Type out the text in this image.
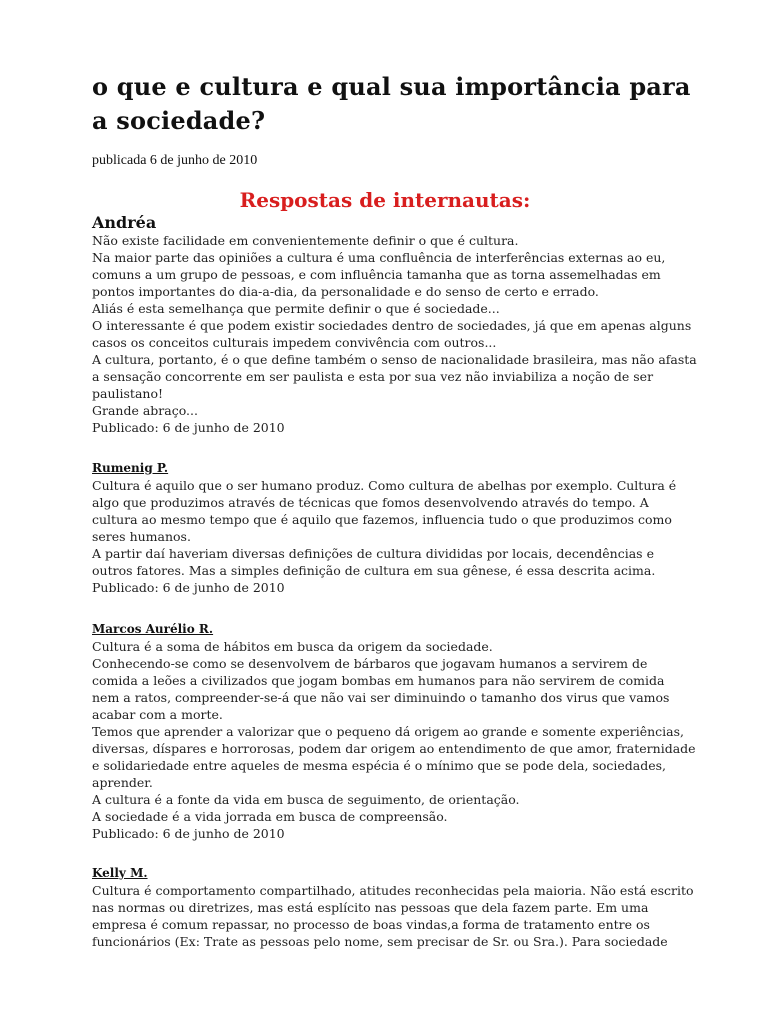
o que e cultura e qual sua importância para a sociedade?
publicada 6 de junho de 2010
Respostas de internautas:
Andréa
Não existe facilidade em convenientemente definir o que é cultura.
Na maior parte das opiniões a cultura é uma confluência de interferências externas ao eu,
comuns a um grupo de pessoas, e com influência tamanha que as torna assemelhadas em
pontos importantes do dia-a-dia, da personalidade e do senso de certo e errado.
Aliás é esta semelhança que permite definir o que é sociedade...
O interessante é que podem existir sociedades dentro de sociedades, já que em apenas alguns
casos os conceitos culturais impedem convivência com outros...
A cultura, portanto, é o que define também o senso de nacionalidade brasileira, mas não afasta
a sensação concorrente em ser paulista e esta por sua vez não inviabiliza a noção de ser
paulistano!
Grande abraço...
Publicado: 6 de junho de 2010
Rumenig P.
Cultura é aquilo que o ser humano produz. Como cultura de abelhas por exemplo. Cultura é
algo que produzimos através de técnicas que fomos desenvolvendo através do tempo. A
cultura ao mesmo tempo que é aquilo que fazemos, influencia tudo o que produzimos como
seres humanos.
A partir daí haveriam diversas definições de cultura divididas por locais, decendências e
outros fatores. Mas a simples definição de cultura em sua gênese, é essa descrita acima.
Publicado: 6 de junho de 2010
Marcos Aurélio R.
Cultura é a soma de hábitos em busca da origem da sociedade.
Conhecendo-se como se desenvolvem de bárbaros que jogavam humanos a servirem de
comida a leões a civilizados que jogam bombas em humanos para não servirem de comida
nem a ratos, compreender-se-á que não vai ser diminuindo o tamanho dos virus que vamos
acabar com a morte.
Temos que aprender a valorizar que o pequeno dá origem ao grande e somente experiências,
diversas, díspares e horrorosas, podem dar origem ao entendimento de que amor, fraternidade
e solidariedade entre aqueles de mesma espécia é o mínimo que se pode dela, sociedades,
aprender.
A cultura é a fonte da vida em busca de seguimento, de orientação.
A sociedade é a vida jorrada em busca de compreensão.
Publicado: 6 de junho de 2010
Kelly M.
Cultura é comportamento compartilhado, atitudes reconhecidas pela maioria. Não está escrito
nas normas ou diretrizes, mas está esplícito nas pessoas que dela fazem parte. Em uma
empresa é comum repassar, no processo de boas vindas,a forma de tratamento entre os
funcionários (Ex: Trate as pessoas pelo nome, sem precisar de Sr. ou Sra.). Para sociedade
